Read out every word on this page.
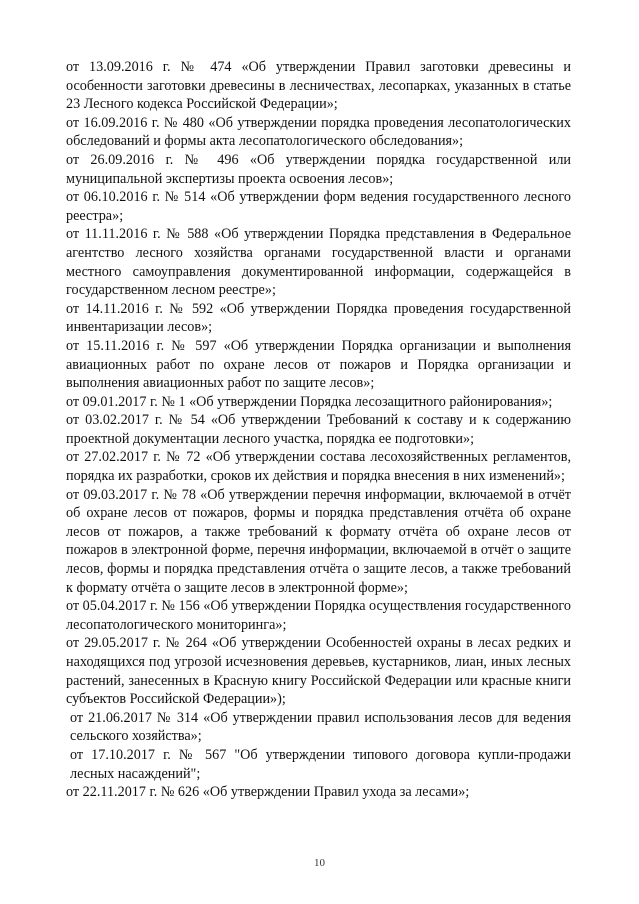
от 13.09.2016 г. № 474 «Об утверждении Правил заготовки древесины и особенности заготовки древесины в лесничествах, лесопарках, указанных в статье 23 Лесного кодекса Российской Федерации»;

от 16.09.2016 г. № 480 «Об утверждении порядка проведения лесопатологических обследований и формы акта лесопатологического обследования»;

от 26.09.2016 г. № 496 «Об утверждении порядка государственной или муниципальной экспертизы проекта освоения лесов»;

от 06.10.2016 г. № 514 «Об утверждении форм ведения государственного лесного реестра»;

от 11.11.2016 г. № 588 «Об утверждении Порядка представления в Федеральное агентство лесного хозяйства органами государственной власти и органами местного самоуправления документированной информации, содержащейся в государственном лесном реестре»;

от 14.11.2016 г. № 592 «Об утверждении Порядка проведения государственной инвентаризации лесов»;

от 15.11.2016 г. № 597 «Об утверждении Порядка организации и выполнения авиационных работ по охране лесов от пожаров и Порядка организации и выполнения авиационных работ по защите лесов»;

от 09.01.2017 г. № 1 «Об утверждении Порядка лесозащитного районирования»;

от 03.02.2017 г. № 54 «Об утверждении Требований к составу и к содержанию проектной документации лесного участка, порядка ее подготовки»;

от 27.02.2017 г. № 72 «Об утверждении состава лесохозяйственных регламентов, порядка их разработки, сроков их действия и порядка внесения в них изменений»;

от 09.03.2017 г. № 78 «Об утверждении перечня информации, включаемой в отчёт об охране лесов от пожаров, формы и порядка представления отчёта об охране лесов от пожаров, а также требований к формату отчёта об охране лесов от пожаров в электронной форме, перечня информации, включаемой в отчёт о защите лесов, формы и порядка представления отчёта о защите лесов, а также требований к формату отчёта о защите лесов в электронной форме»;

от 05.04.2017 г. № 156 «Об утверждении Порядка осуществления государственного лесопатологического мониторинга»;

от 29.05.2017 г. № 264 «Об утверждении Особенностей охраны в лесах редких и находящихся под угрозой исчезновения деревьев, кустарников, лиан, иных лесных растений, занесенных в Красную книгу Российской Федерации или красные книги субъектов Российской Федерации»);

от 21.06.2017 № 314 «Об утверждении правил использования лесов для ведения сельского хозяйства»;

от 17.10.2017 г. № 567 "Об утверждении типового договора купли-продажи лесных насаждений";

от 22.11.2017 г. № 626 «Об утверждении Правил ухода за лесами»;

10
